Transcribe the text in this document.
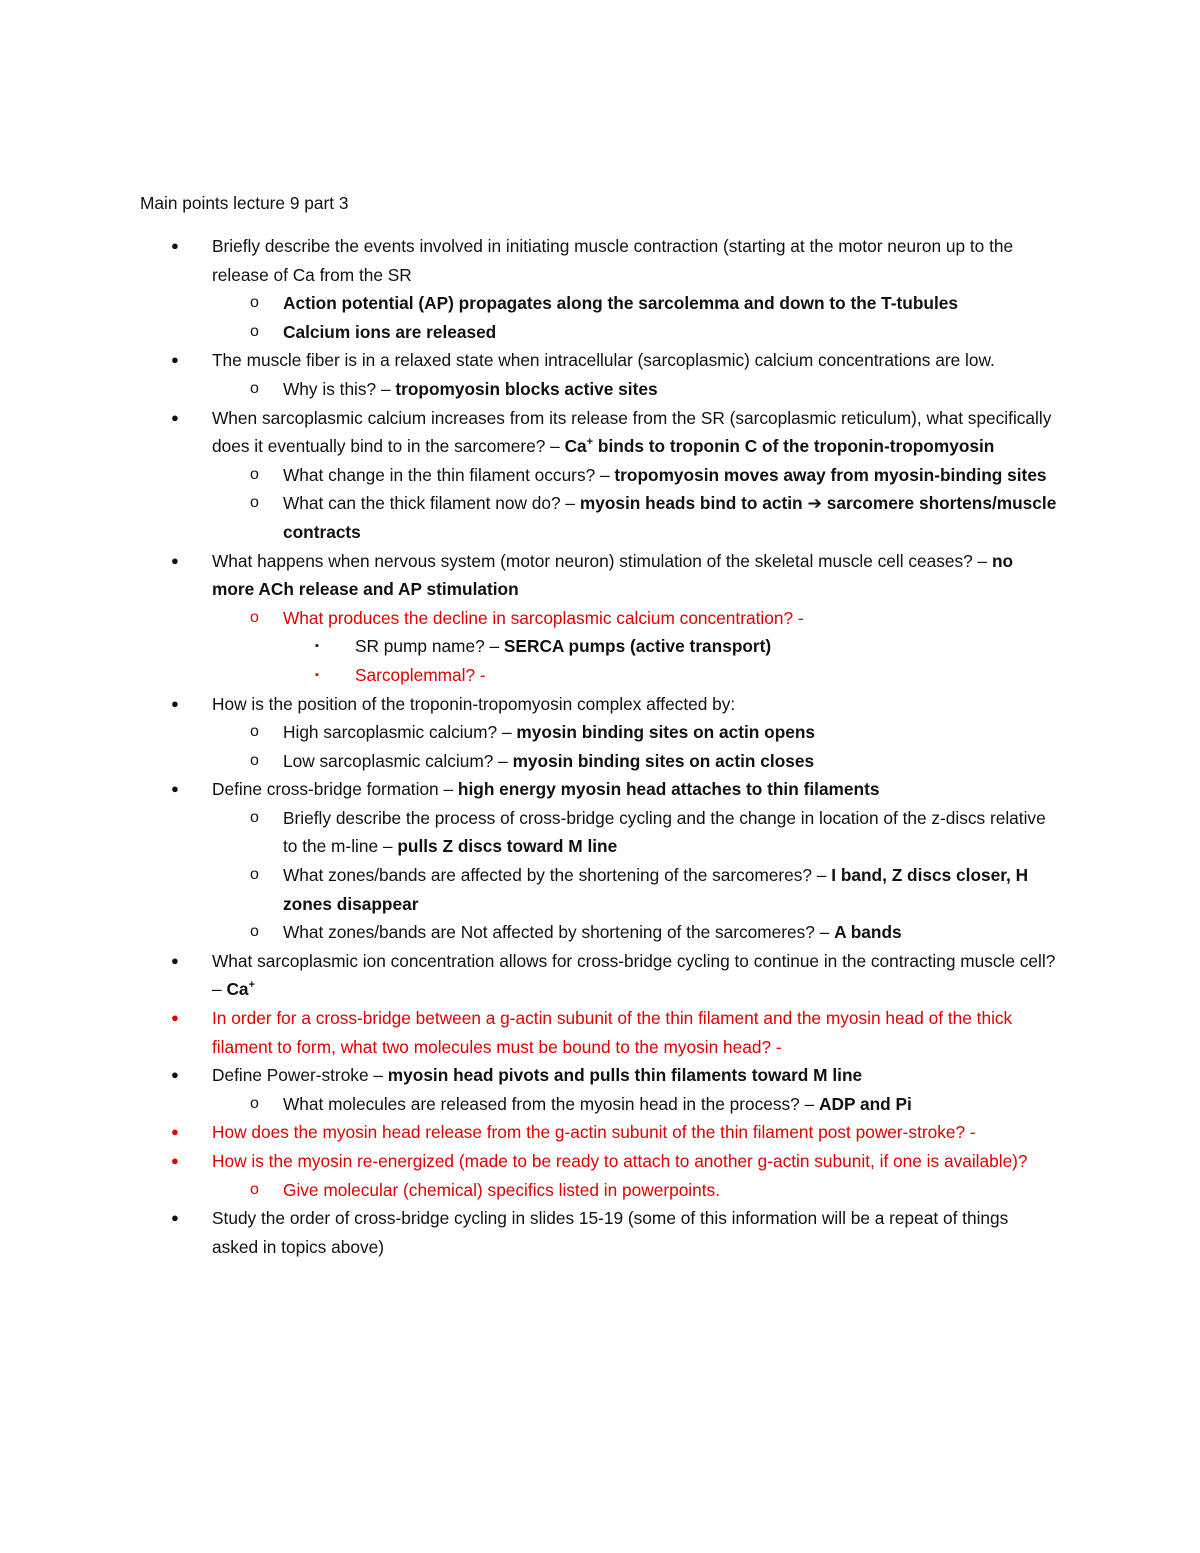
Main points lecture 9 part 3
● Briefly describe the events involved in initiating muscle contraction (starting at the motor neuron up to the release of Ca from the SR
o Action potential (AP) propagates along the sarcolemma and down to the T-tubules
o Calcium ions are released
● The muscle fiber is in a relaxed state when intracellular (sarcoplasmic) calcium concentrations are low.
o Why is this? – tropomyosin blocks active sites
● When sarcoplasmic calcium increases from its release from the SR (sarcoplasmic reticulum), what specifically does it eventually bind to in the sarcomere? – Ca+ binds to troponin C of the troponin-tropomyosin
o What change in the thin filament occurs? – tropomyosin moves away from myosin-binding sites
o What can the thick filament now do? – myosin heads bind to actin ➔ sarcomere shortens/muscle contracts
● What happens when nervous system (motor neuron) stimulation of the skeletal muscle cell ceases? – no more ACh release and AP stimulation
o What produces the decline in sarcoplasmic calcium concentration? -
▪ SR pump name? – SERCA pumps (active transport)
▪ Sarcoplemmal? -
● How is the position of the troponin-tropomyosin complex affected by:
o High sarcoplasmic calcium? – myosin binding sites on actin opens
o Low sarcoplasmic calcium? – myosin binding sites on actin closes
● Define cross-bridge formation – high energy myosin head attaches to thin filaments
o Briefly describe the process of cross-bridge cycling and the change in location of the z-discs relative to the m-line – pulls Z discs toward M line
o What zones/bands are affected by the shortening of the sarcomeres? – I band, Z discs closer, H zones disappear
o What zones/bands are Not affected by shortening of the sarcomeres? – A bands
● What sarcoplasmic ion concentration allows for cross-bridge cycling to continue in the contracting muscle cell? – Ca+
● In order for a cross-bridge between a g-actin subunit of the thin filament and the myosin head of the thick filament to form, what two molecules must be bound to the myosin head? -
● Define Power-stroke – myosin head pivots and pulls thin filaments toward M line
o What molecules are released from the myosin head in the process? – ADP and Pi
● How does the myosin head release from the g-actin subunit of the thin filament post power-stroke? -
● How is the myosin re-energized (made to be ready to attach to another g-actin subunit, if one is available)?
o Give molecular (chemical) specifics listed in powerpoints.
● Study the order of cross-bridge cycling in slides 15-19 (some of this information will be a repeat of things asked in topics above)
